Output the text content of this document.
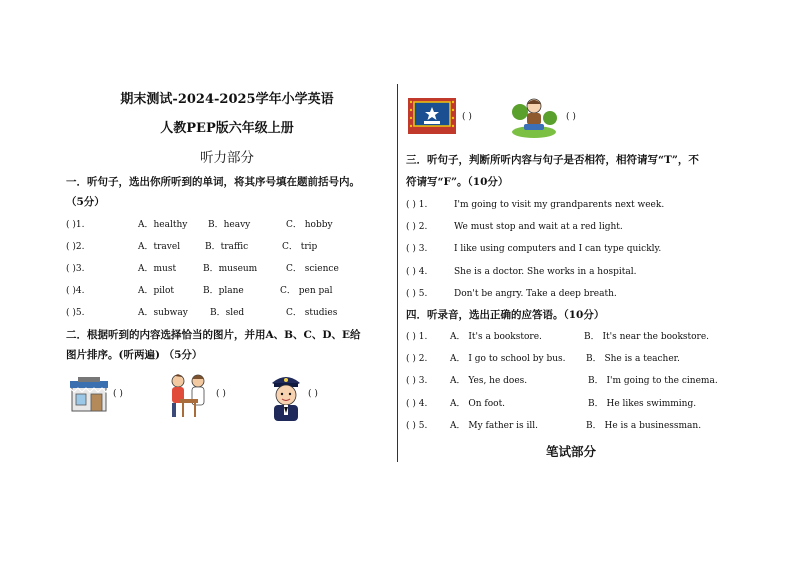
期末测试-2024-2025学年小学英语
人教PEP版六年级上册
听力部分
一．听句子，选出你所听到的单词，将其序号填在题前括号内。
（5分）
( )1.	A．healthy B．heavy	C． hobby
( )2.	A．travel	B．traffic	C． trip
( )3.	A．must	B．museum	C． science
( )4.	A．pilot	B．plane	C． pen pal
( )5.	A．subway B．sled	C． studies
二．根据听到的内容选择恰当的图片，并用A、B、C、D、E给
图片排序。(听两遍) （5分）
( )	( )	( )
( )	( )
三．听句子，判断所听内容与句子是否相符，相符请写“T”，不
符请写“F”。（10分）
( ) 1.	I'm going to visit my grandparents next week.
( ) 2.	We must stop and wait at a red light.
( ) 3.	I like using computers and I can type quickly.
( ) 4.	She is a doctor. She works in a hospital.
( ) 5.	Don't be angry. Take a deep breath.
四．听录音，选出正确的应答语。（10分）
( ) 1.	A． It's a bookstore.	B． It's near the bookstore.
( ) 2.	A． I go to school by bus. B． She is a teacher.
( ) 3.	A． Yes, he does.	B． I'm going to the cinema.
( ) 4.	A． On foot.	B． He likes swimming.
( ) 5.	A． My father is ill.	B． He is a businessman.
笔试部分
